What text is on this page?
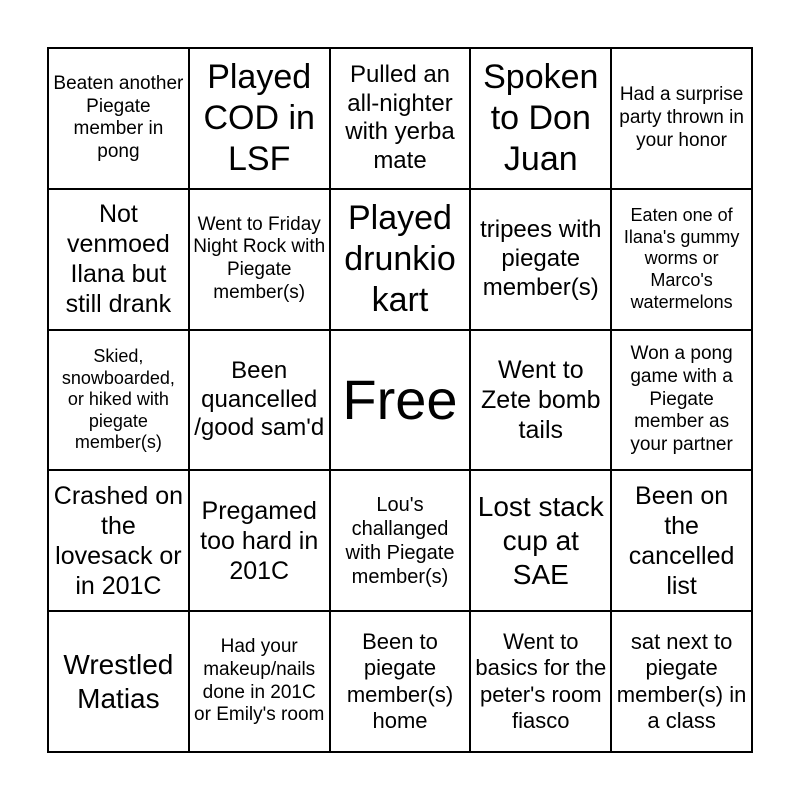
Beaten another Piegate member in pong
Played COD in LSF
Pulled an all-nighter with yerba mate
Spoken to Don Juan
Had a surprise party thrown in your honor
Not venmoed Ilana but still drank
Went to Friday Night Rock with Piegate member(s)
Played drunkio kart
tripees with piegate member(s)
Eaten one of Ilana's gummy worms or Marco's watermelons
Skied, snowboarded, or hiked with piegate member(s)
Been quancelled /good sam'd Free	Went to Zete bomb tails
Won a pong game with a Piegate member as your partner
Crashed on the lovesack or in 201C
Pregamed too hard in 201C
Lou's challanged with Piegate member(s)
Lost stack cup at SAE
Been on the cancelled list
Wrestled Matias
Had your makeup/nails done in 201C or Emily's room
Been to piegate member(s) home
Went to basics for the peter's room fiasco
sat next to piegate member(s) in a class
